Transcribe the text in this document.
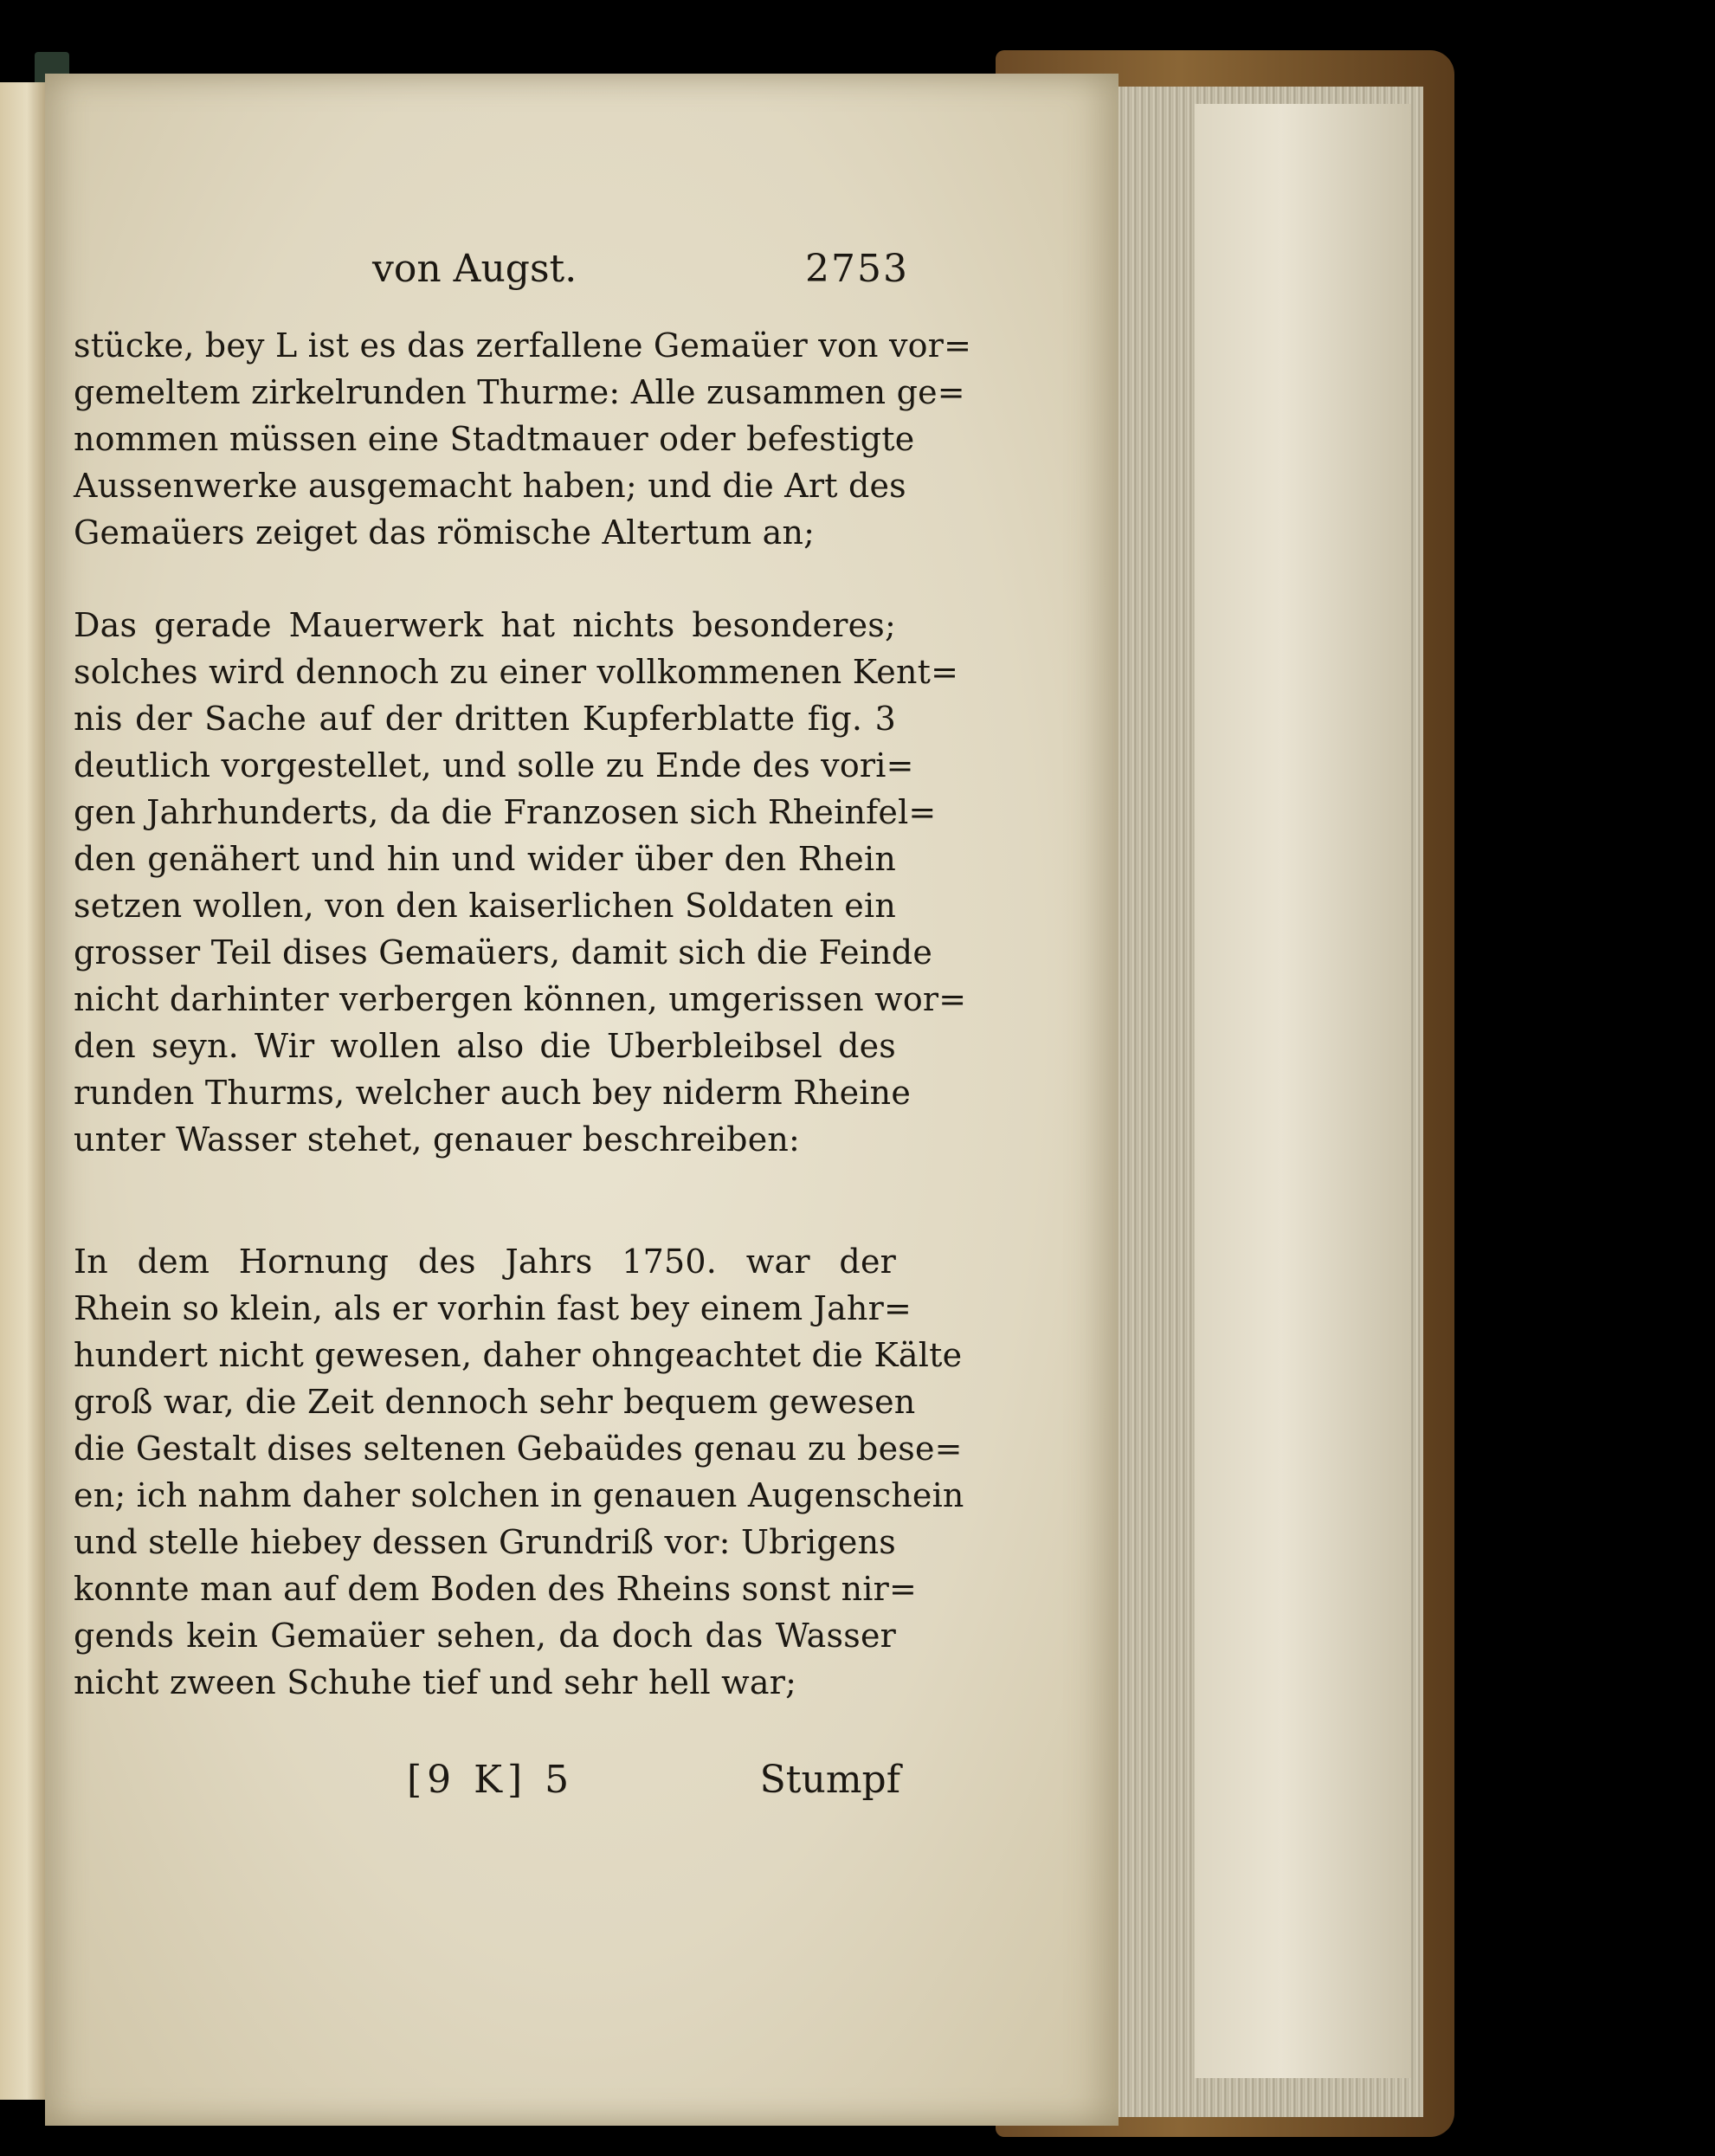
von Augst.	2753
stücke, bey L ist es das zerfallene Gemaüer von vor=
gemeltem zirkelrunden Thurme: Alle zusammen ge=
nommen müssen eine Stadtmauer oder befestigte
Aussenwerke ausgemacht haben; und die Art des
Gemaüers zeiget das römische Altertum an;
Das gerade Mauerwerk hat nichts besonderes;
solches wird dennoch zu einer vollkommenen Kent=
nis der Sache auf der dritten Kupferblatte fig. 3
deutlich vorgestellet, und solle zu Ende des vori=
gen Jahrhunderts, da die Franzosen sich Rheinfel=
den genähert und hin und wider über den Rhein
setzen wollen, von den kaiserlichen Soldaten ein
grosser Teil dises Gemaüers, damit sich die Feinde
nicht darhinter verbergen können, umgerissen wor=
den seyn. Wir wollen also die Uberbleibsel des
runden Thurms, welcher auch bey niderm Rheine
unter Wasser stehet, genauer beschreiben:
In dem Hornung des Jahrs 1750. war der
Rhein so klein, als er vorhin fast bey einem Jahr=
hundert nicht gewesen, daher ohngeachtet die Kälte
groß war, die Zeit dennoch sehr bequem gewesen
die Gestalt dises seltenen Gebaüdes genau zu bese=
en; ich nahm daher solchen in genauen Augenschein
und stelle hiebey dessen Grundriß vor: Ubrigens
konnte man auf dem Boden des Rheins sonst nir=
gends kein Gemaüer sehen, da doch das Wasser
nicht zween Schuhe tief und sehr hell war;
[9 K] 5	Stumpf
